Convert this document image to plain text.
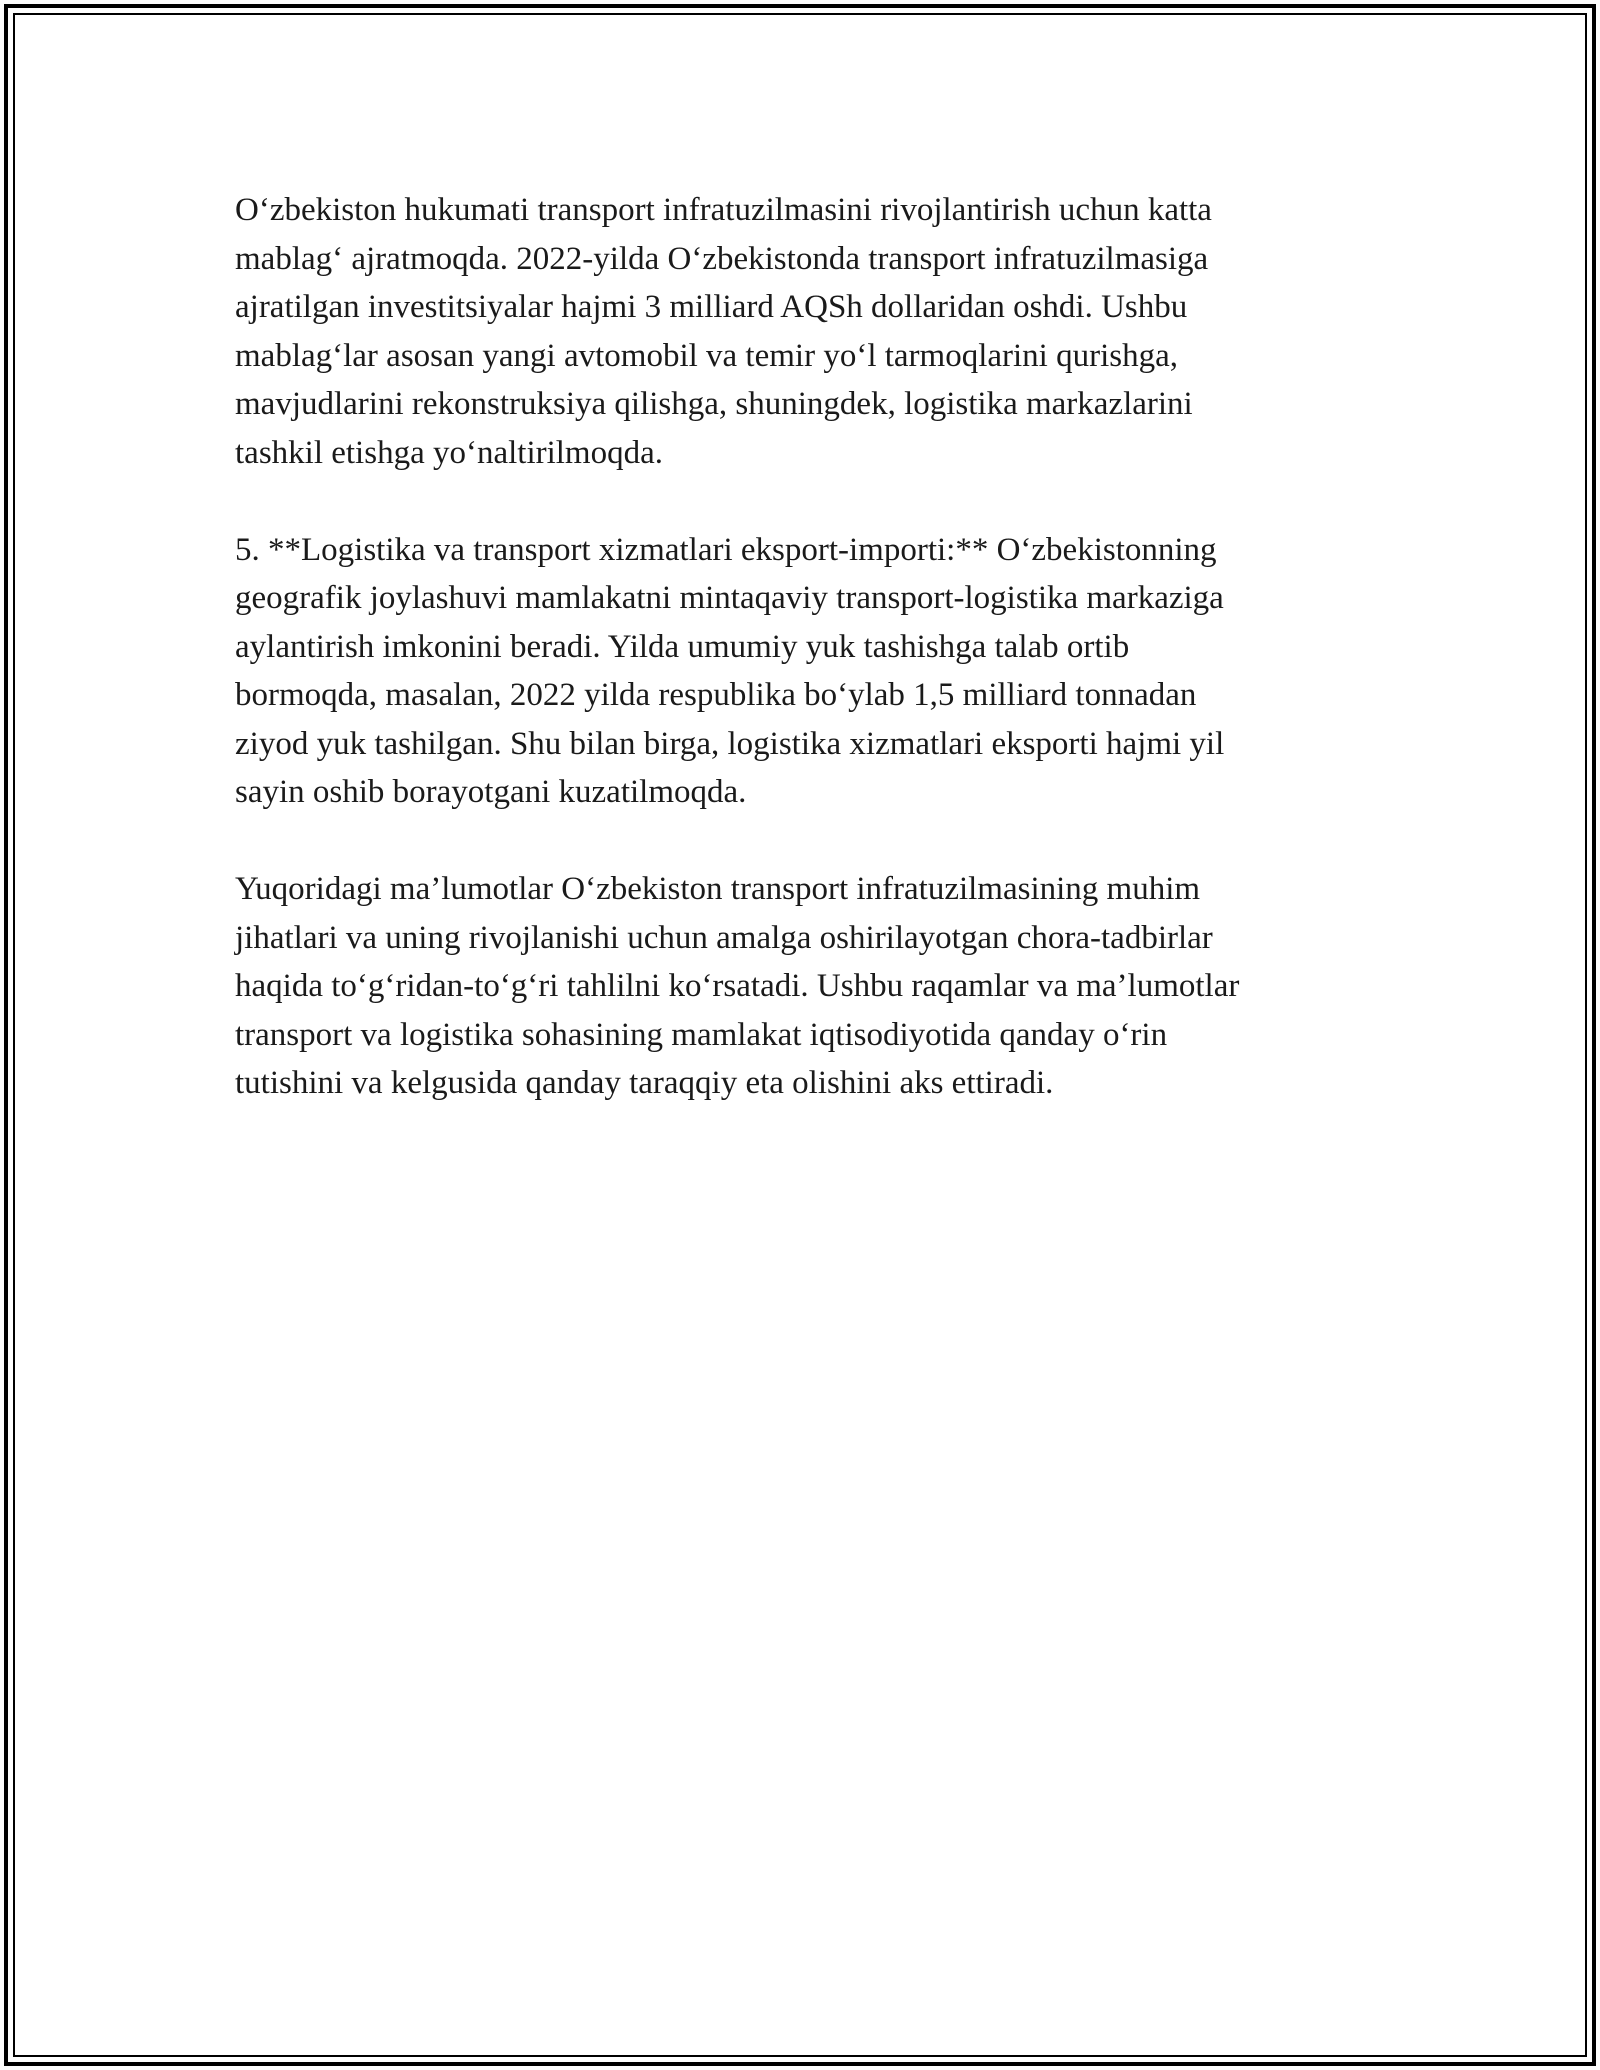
O‘zbekiston hukumati transport infratuzilmasini rivojlantirish uchun katta
mablag‘ ajratmoqda. 2022-yilda O‘zbekistonda transport infratuzilmasiga
ajratilgan investitsiyalar hajmi 3 milliard AQSh dollaridan oshdi. Ushbu
mablag‘lar asosan yangi avtomobil va temir yo‘l tarmoqlarini qurishga,
mavjudlarini rekonstruksiya qilishga, shuningdek, logistika markazlarini
tashkil etishga yo‘naltirilmoqda.

5. **Logistika va transport xizmatlari eksport-importi:** O‘zbekistonning
geografik joylashuvi mamlakatni mintaqaviy transport-logistika markaziga
aylantirish imkonini beradi. Yilda umumiy yuk tashishga talab ortib
bormoqda, masalan, 2022 yilda respublika bo‘ylab 1,5 milliard tonnadan
ziyod yuk tashilgan. Shu bilan birga, logistika xizmatlari eksporti hajmi yil
sayin oshib borayotgani kuzatilmoqda.

Yuqoridagi ma’lumotlar O‘zbekiston transport infratuzilmasining muhim
jihatlari va uning rivojlanishi uchun amalga oshirilayotgan chora-tadbirlar
haqida to‘g‘ridan-to‘g‘ri tahlilni ko‘rsatadi. Ushbu raqamlar va ma’lumotlar
transport va logistika sohasining mamlakat iqtisodiyotida qanday o‘rin
tutishini va kelgusida qanday taraqqiy eta olishini aks ettiradi.
